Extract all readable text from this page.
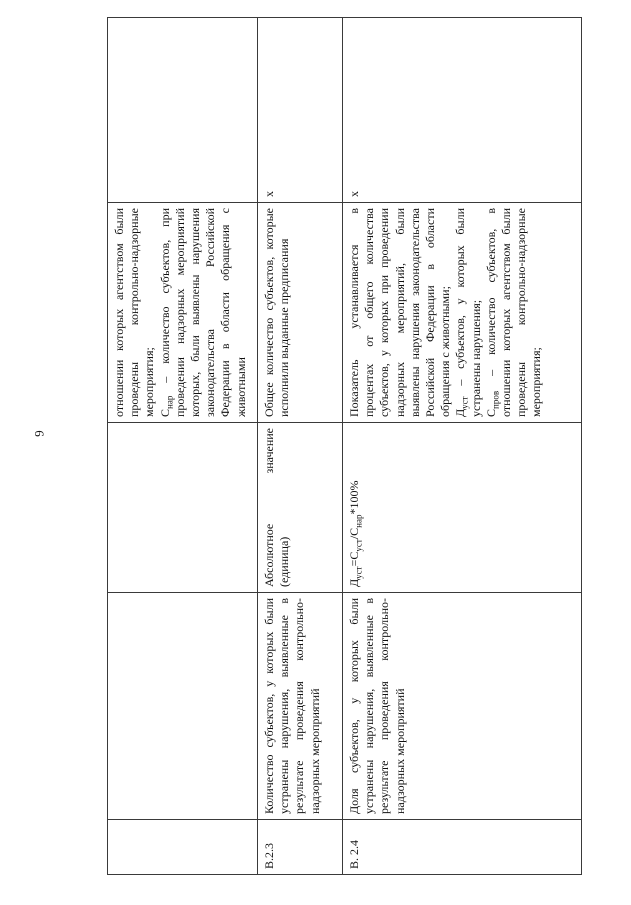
6
			отношении которых агентством были проведены контрольно-надзорные мероприятия;
$С_{нар}$ – количество субъектов, при проведении надзорных мероприятий которых, были выявлены нарушения законодательства Российской Федерации в области обращения с животными	
В.2.3	Количество субъектов, у которых были устранены нарушения, выявленные в результате проведения контрольно-надзорных мероприятий	Абсолютное значение (единица)	Общее количество субъектов, которые исполнили выданные предписания	х
В. 2.4	Доля субъектов, у которых были устранены нарушения, выявленные в результате проведения контрольно-надзорных мероприятий	$Д_{уст}=С_{уст}/С_{нар}*100\%$	Показатель устанавливается в процентах от общего количества субъектов, у которых при проведении надзорных мероприятий, были выявлены нарушения законодательства Российской Федерации в области обращения с животными;
$Д_{уст}$ – субъектов, у которых были устранены нарушения;
$С_{пров}$ – количество субъектов, в отношении которых агентством были проведены контрольно-надзорные мероприятия;	х
